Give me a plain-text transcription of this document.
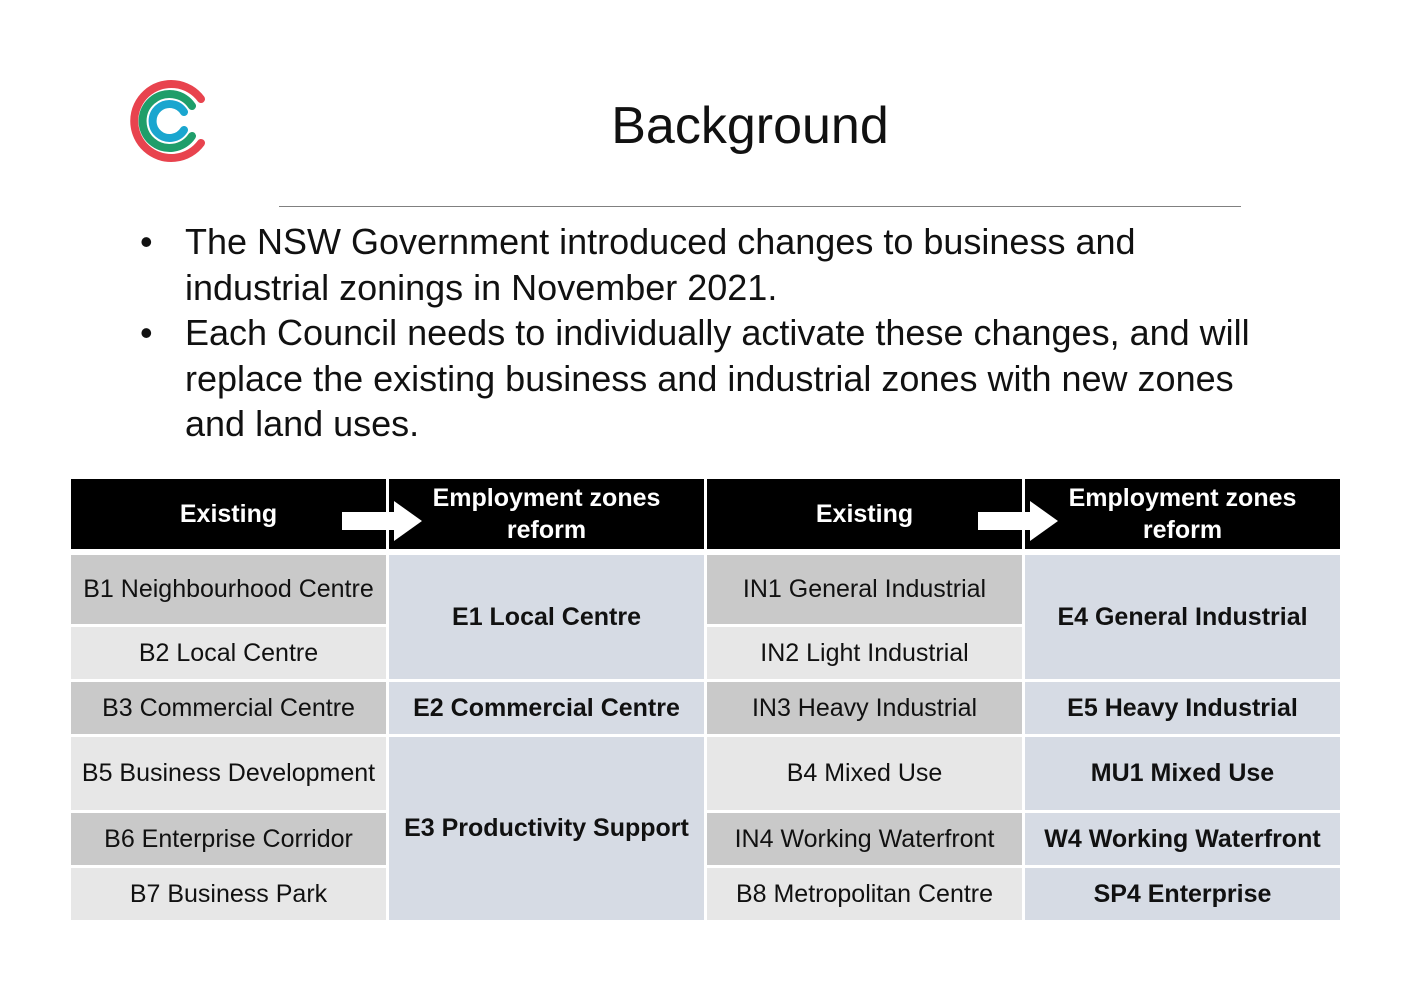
Background
• The NSW Government introduced changes to business and industrial zonings in November 2021.
• Each Council needs to individually activate these changes, and will replace the existing business and industrial zones with new zones and land uses.
Existing	Employment zones reform	Existing	Employment zones reform
B1 Neighbourhood Centre	E1 Local Centre	IN1 General Industrial	E4 General Industrial
B2 Local Centre		IN2 Light Industrial	
B3 Commercial Centre	E2 Commercial Centre	IN3 Heavy Industrial	E5 Heavy Industrial
B5 Business Development	E3 Productivity Support	B4 Mixed Use	MU1 Mixed Use
B6 Enterprise Corridor		IN4 Working Waterfront	W4 Working Waterfront
B7 Business Park		B8 Metropolitan Centre	SP4 Enterprise
